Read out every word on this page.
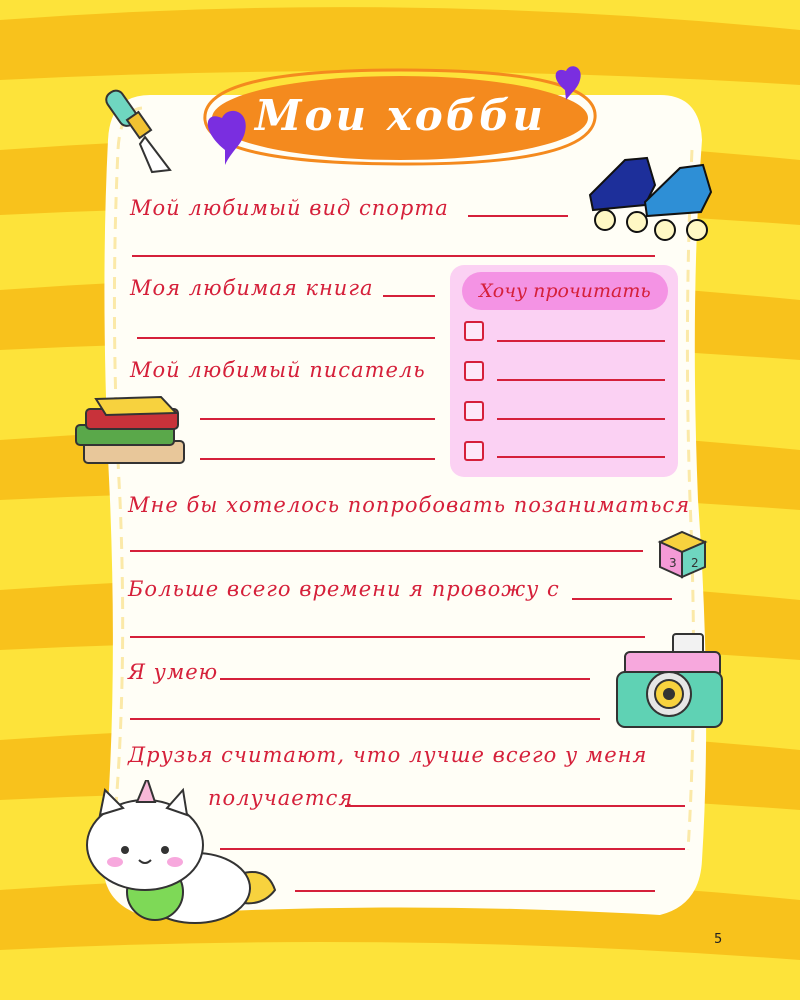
Мои хобби
3 2
Мой любимый вид спорта
Моя любимая книга
Мой любимый писатель
Хочу прочитать
Мне бы хотелось попробовать позаниматься
Больше всего времени я провожу с
Я умею
Друзья считают, что лучше всего у меня
получается
5
